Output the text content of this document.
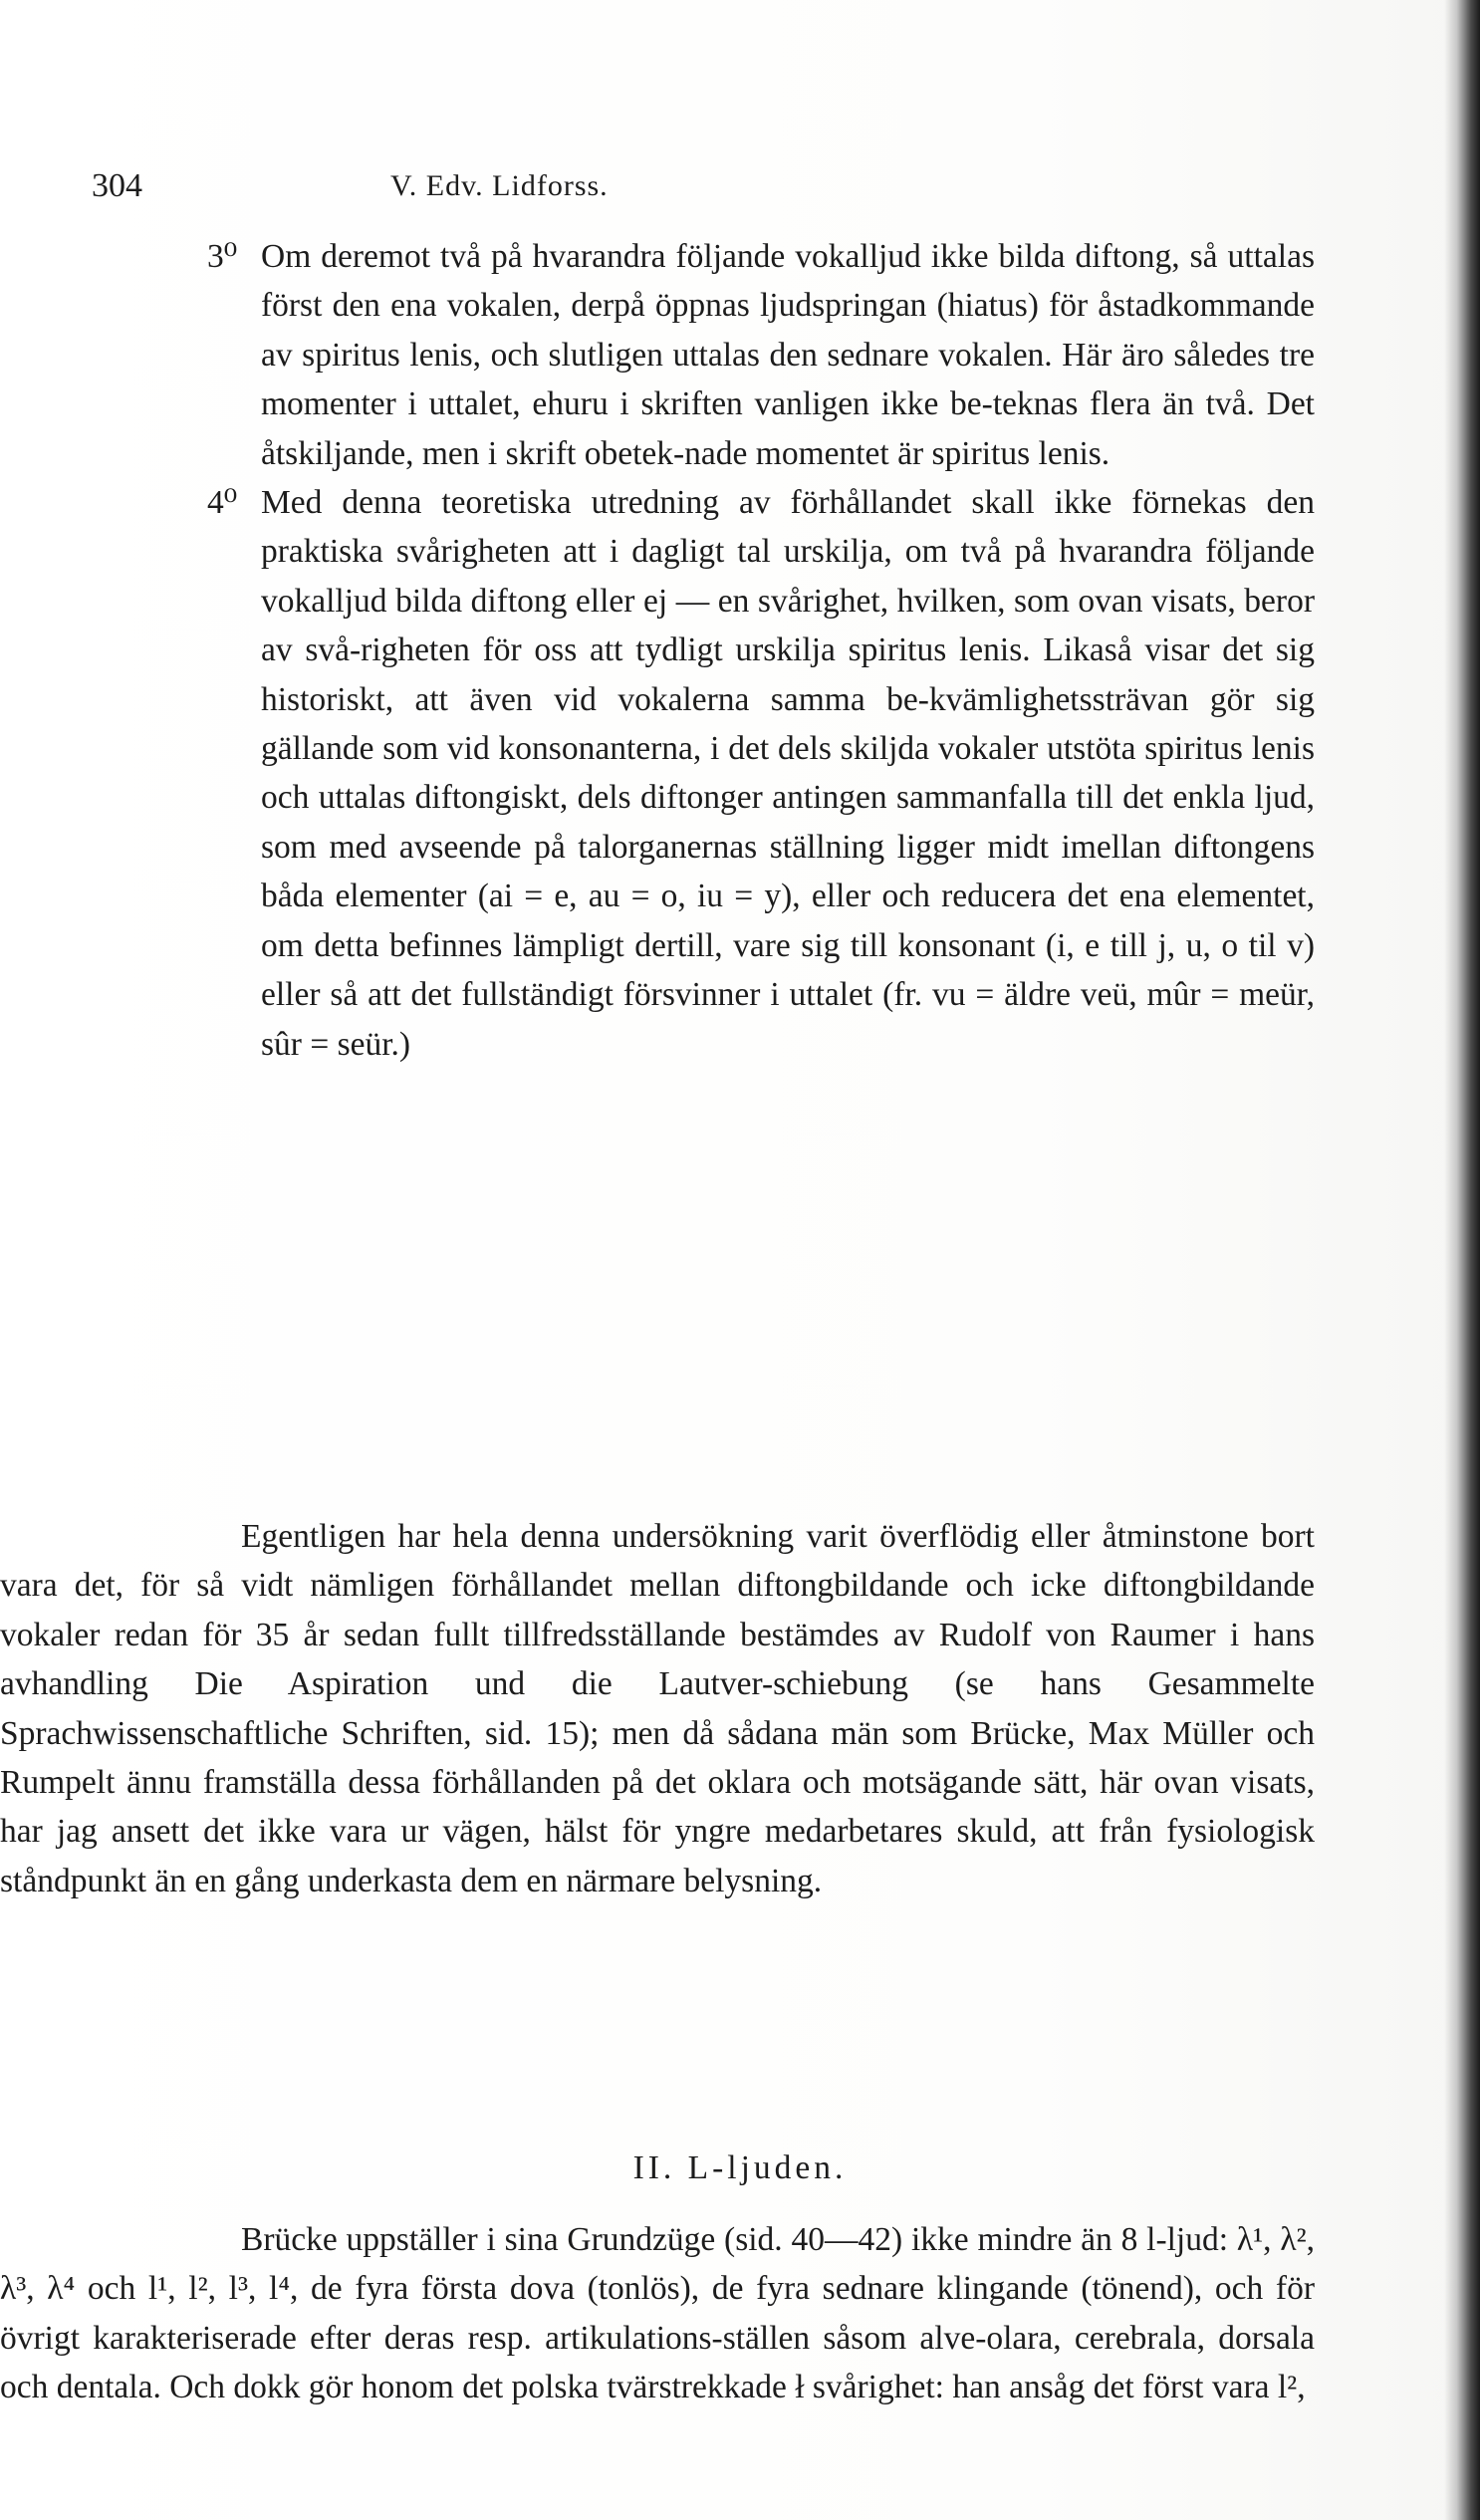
304	V. Edv. Lidforss.
3⁰ Om deremot två på hvarandra följande vokalljud ikke bilda diftong, så uttalas först den ena vokalen, derpå öppnas ljudspringan (hiatus) för åstadkommande av spiritus lenis, och slutligen uttalas den sednare vokalen. Här äro således tre momenter i uttalet, ehuru i skriften vanligen ikke be-teknas flera än två. Det åtskiljande, men i skrift obetek-nade momentet är spiritus lenis.

4⁰ Med denna teoretiska utredning av förhållandet skall ikke förnekas den praktiska svårigheten att i dagligt tal urskilja, om två på hvarandra följande vokalljud bilda diftong eller ej — en svårighet, hvilken, som ovan visats, beror av svå-righeten för oss att tydligt urskilja spiritus lenis. Likaså visar det sig historiskt, att även vid vokalerna samma be-kvämlighetssträvan gör sig gällande som vid konsonanterna, i det dels skiljda vokaler utstöta spiritus lenis och uttalas diftongiskt, dels diftonger antingen sammanfalla till det enkla ljud, som med avseende på talorganernas ställning ligger midt imellan diftongens båda elementer (ai = e, au = o, iu = y), eller och reducera det ena elementet, om detta befinnes lämpligt dertill, vare sig till konsonant (i, e till j, u, o til v) eller så att det fullständigt försvinner i uttalet (fr. vu = äldre veü, mûr = meür, sûr = seür.)

Egentligen har hela denna undersökning varit överflödig eller åtminstone bort vara det, för så vidt nämligen förhållandet mellan diftongbildande och icke diftongbildande vokaler redan för 35 år sedan fullt tillfredsställande bestämdes av Rudolf von Raumer i hans avhandling Die Aspiration und die Lautver-schiebung (se hans Gesammelte Sprachwissenschaftliche Schriften, sid. 15); men då sådana män som Brücke, Max Müller och Rumpelt ännu framställa dessa förhållanden på det oklara och motsägande sätt, här ovan visats, har jag ansett det ikke vara ur vägen, hälst för yngre medarbetares skuld, att från fysiologisk ståndpunkt än en gång underkasta dem en närmare belysning.

II. L-ljuden.

Brücke uppställer i sina Grundzüge (sid. 40—42) ikke mindre än 8 l-ljud: λ¹, λ², λ³, λ⁴ och l¹, l², l³, l⁴, de fyra första dova (tonlös), de fyra sednare klingande (tönend), och för övrigt karakteriserade efter deras resp. artikulations-ställen såsom alve-olara, cerebrala, dorsala och dentala. Och dokk gör honom det polska tvärstrekkade ł svårighet: han ansåg det först vara l²,
